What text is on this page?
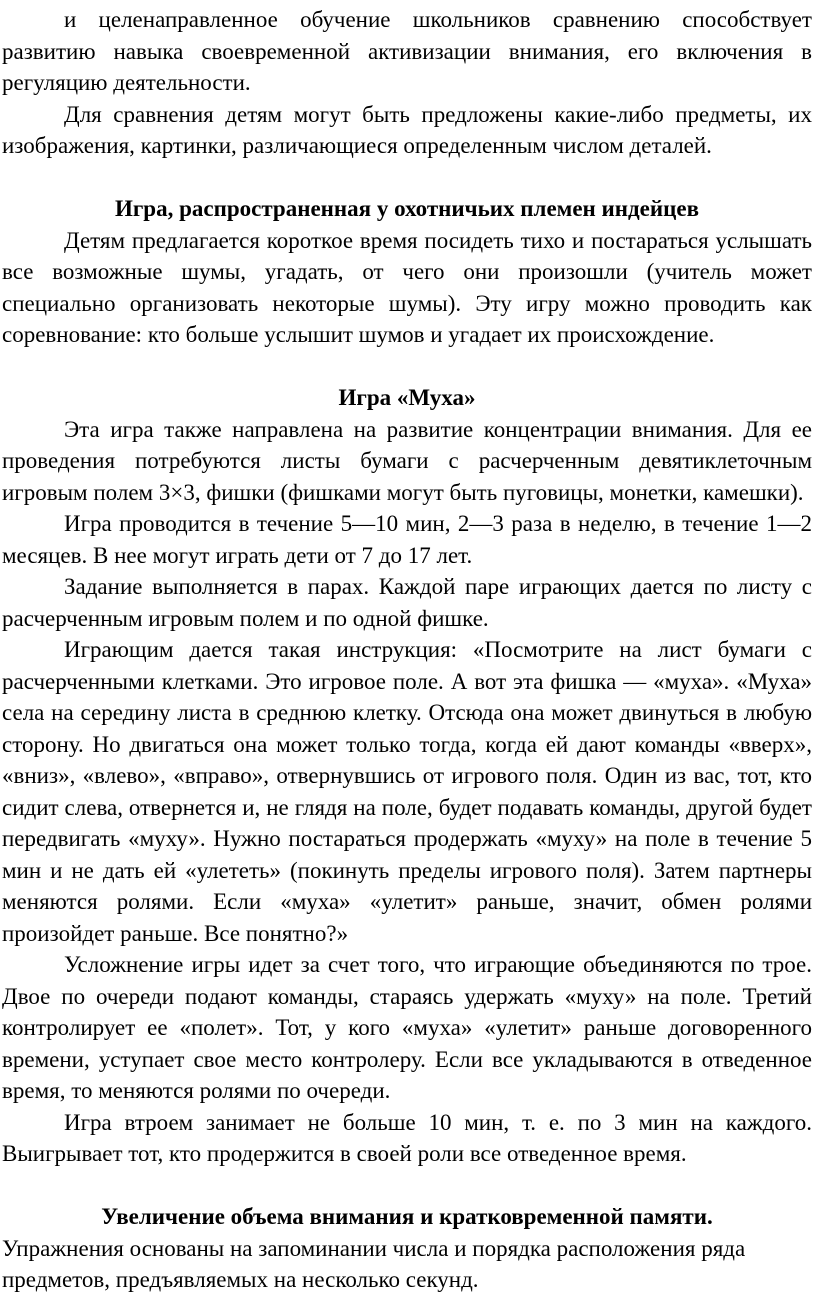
и целенаправленное обучение школьников сравнению способствует развитию навыка своевременной активизации внимания, его включения в регуляцию деятельности.

Для сравнения детям могут быть предложены какие-либо предметы, их изображения, картинки, различающиеся определенным числом деталей.

Игра, распространенная у охотничьих племен индейцев

Детям предлагается короткое время посидеть тихо и постараться услышать все возможные шумы, угадать, от чего они произошли (учитель может специально организовать некоторые шумы). Эту игру можно проводить как соревнование: кто больше услышит шумов и угадает их происхождение.

Игра «Муха»

Эта игра также направлена на развитие концентрации внимания. Для ее проведения потребуются листы бумаги с расчерченным девятиклеточным игровым полем 3×3, фишки (фишками могут быть пуговицы, монетки, камешки).

Игра проводится в течение 5—10 мин, 2—3 раза в неделю, в течение 1—2 месяцев. В нее могут играть дети от 7 до 17 лет.

Задание выполняется в парах. Каждой паре играющих дается по листу с расчерченным игровым полем и по одной фишке.

Играющим дается такая инструкция: «Посмотрите на лист бумаги с расчерченными клетками. Это игровое поле. А вот эта фишка — «муха». «Муха» села на середину листа в среднюю клетку. Отсюда она может двинуться в любую сторону. Но двигаться она может только тогда, когда ей дают команды «вверх», «вниз», «влево», «вправо», отвернувшись от игрового поля. Один из вас, тот, кто сидит слева, отвернется и, не глядя на поле, будет подавать команды, другой будет передвигать «муху». Нужно постараться продержать «муху» на поле в течение 5 мин и не дать ей «улететь» (покинуть пределы игрового поля). Затем партнеры меняются ролями. Если «муха» «улетит» раньше, значит, обмен ролями произойдет раньше. Все понятно?»

Усложнение игры идет за счет того, что играющие объединяются по трое. Двое по очереди подают команды, стараясь удержать «муху» на поле. Третий контролирует ее «полет». Тот, у кого «муха» «улетит» раньше договоренного времени, уступает свое место контролеру. Если все укладываются в отведенное время, то меняются ролями по очереди.

Игра втроем занимает не больше 10 мин, т. е. по 3 мин на каждого. Выигрывает тот, кто продержится в своей роли все отведенное время.

Увеличение объема внимания и кратковременной памяти.

Упражнения основаны на запоминании числа и порядка расположения ряда предметов, предъявляемых на несколько секунд.
